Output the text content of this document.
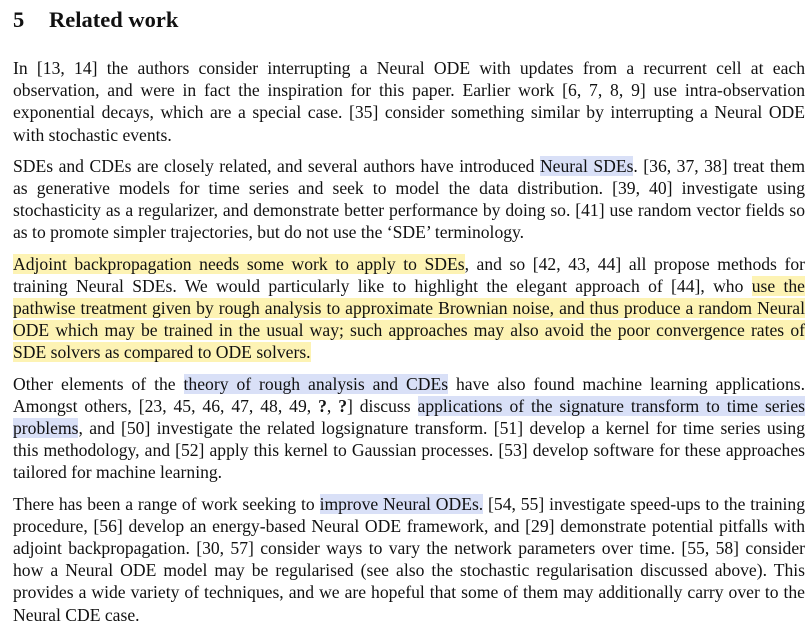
5 Related work

In [13, 14] the authors consider interrupting a Neural ODE with updates from a recurrent cell at each observation, and were in fact the inspiration for this paper. Earlier work [6, 7, 8, 9] use intra-observation exponential decays, which are a special case. [35] consider something similar by interrupting a Neural ODE with stochastic events.

SDEs and CDEs are closely related, and several authors have introduced Neural SDEs. [36, 37, 38] treat them as generative models for time series and seek to model the data distribution. [39, 40] investigate using stochasticity as a regularizer, and demonstrate better performance by doing so. [41] use random vector fields so as to promote simpler trajectories, but do not use the ‘SDE’ terminology.

Adjoint backpropagation needs some work to apply to SDEs, and so [42, 43, 44] all propose methods for training Neural SDEs. We would particularly like to highlight the elegant approach of [44], who use the pathwise treatment given by rough analysis to approximate Brownian noise, and thus produce a random Neural ODE which may be trained in the usual way; such approaches may also avoid the poor convergence rates of SDE solvers as compared to ODE solvers.

Other elements of the theory of rough analysis and CDEs have also found machine learning applications. Amongst others, [23, 45, 46, 47, 48, 49, ?, ?] discuss applications of the signature transform to time series problems, and [50] investigate the related logsignature transform. [51] develop a kernel for time series using this methodology, and [52] apply this kernel to Gaussian processes. [53] develop software for these approaches tailored for machine learning.

There has been a range of work seeking to improve Neural ODEs. [54, 55] investigate speed-ups to the training procedure, [56] develop an energy-based Neural ODE framework, and [29] demonstrate potential pitfalls with adjoint backpropagation. [30, 57] consider ways to vary the network parameters over time. [55, 58] consider how a Neural ODE model may be regularised (see also the stochastic regularisation discussed above). This provides a wide variety of techniques, and we are hopeful that some of them may additionally carry over to the Neural CDE case.
